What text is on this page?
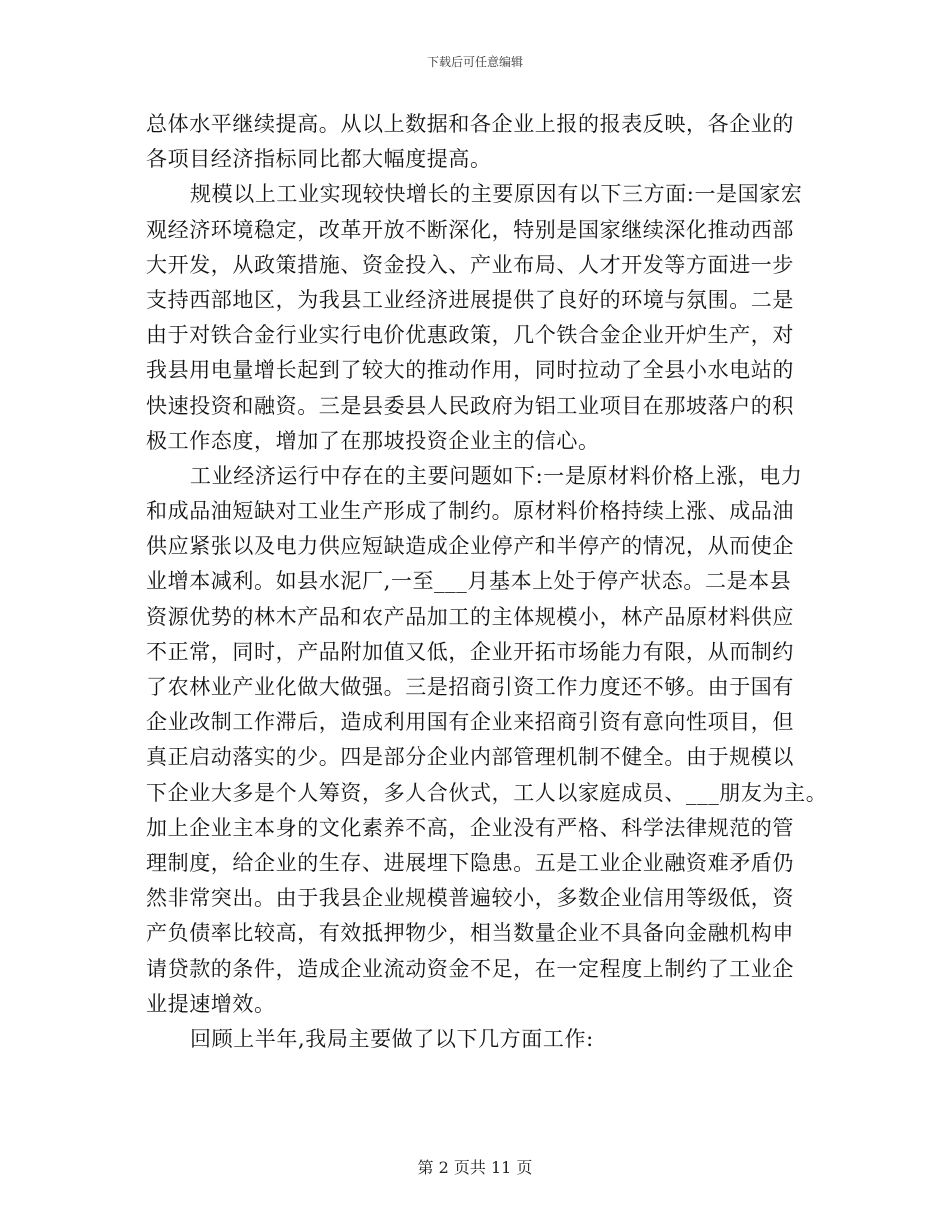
下载后可任意编辑
总体水平继续提高。从以上数据和各企业上报的报表反映，各企业的
各项目经济指标同比都大幅度提高。
规模以上工业实现较快增长的主要原因有以下三方面:一是国家宏
观经济环境稳定，改革开放不断深化，特别是国家继续深化推动西部
大开发，从政策措施、资金投入、产业布局、人才开发等方面进一步
支持西部地区，为我县工业经济进展提供了良好的环境与氛围。二是
由于对铁合金行业实行电价优惠政策，几个铁合金企业开炉生产，对
我县用电量增长起到了较大的推动作用，同时拉动了全县小水电站的
快速投资和融资。三是县委县人民政府为铝工业项目在那坡落户的积
极工作态度，增加了在那坡投资企业主的信心。
工业经济运行中存在的主要问题如下:一是原材料价格上涨，电力
和成品油短缺对工业生产形成了制约。原材料价格持续上涨、成品油
供应紧张以及电力供应短缺造成企业停产和半停产的情况，从而使企
业增本减利。如县水泥厂,一至___月基本上处于停产状态。二是本县
资源优势的林木产品和农产品加工的主体规模小，林产品原材料供应
不正常，同时，产品附加值又低，企业开拓市场能力有限，从而制约
了农林业产业化做大做强。三是招商引资工作力度还不够。由于国有
企业改制工作滞后，造成利用国有企业来招商引资有意向性项目，但
真正启动落实的少。四是部分企业内部管理机制不健全。由于规模以
下企业大多是个人筹资，多人合伙式，工人以家庭成员、___朋友为主。
加上企业主本身的文化素养不高，企业没有严格、科学法律规范的管
理制度，给企业的生存、进展埋下隐患。五是工业企业融资难矛盾仍
然非常突出。由于我县企业规模普遍较小，多数企业信用等级低，资
产负债率比较高，有效抵押物少，相当数量企业不具备向金融机构申
请贷款的条件，造成企业流动资金不足，在一定程度上制约了工业企
业提速增效。
回顾上半年,我局主要做了以下几方面工作:
第 2 页共 11 页
